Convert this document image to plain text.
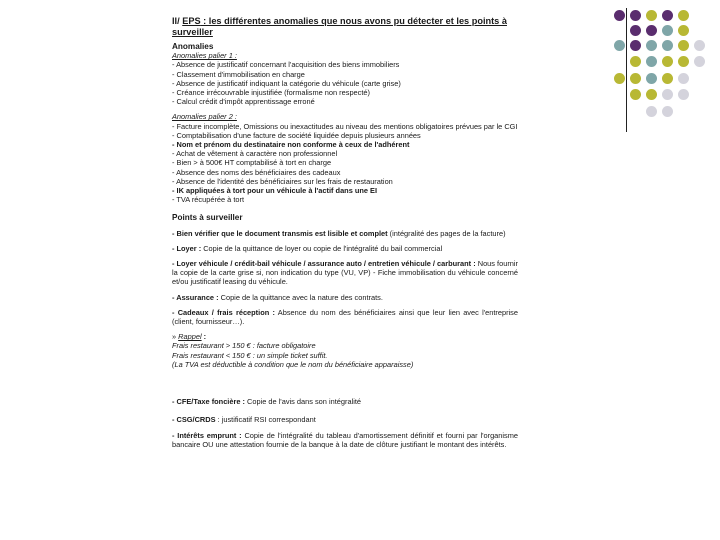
II/ EPS : les différentes anomalies que nous avons pu détecter et les points à surveiller

Anomalies

Anomalies palier 1 :

- Absence de justificatif concernant l'acquisition des biens immobiliers

- Classement d'immobilisation en charge

- Absence de justificatif indiquant la catégorie du véhicule (carte grise)

- Créance irrécouvrable injustifiée (formalisme non respecté)

- Calcul crédit d'impôt apprentissage erroné

Anomalies palier 2 :

- Facture incomplète, Omissions ou inexactitudes au niveau des mentions obligatoires prévues par le CGI

- Comptabilisation d'une facture de société liquidée depuis plusieurs années

- Nom et prénom du destinataire non conforme à ceux de l'adhérent

- Achat de vêtement à caractère non professionnel

- Bien > à 500€ HT comptabilisé à tort en charge

- Absence des noms des bénéficiaires des cadeaux

- Absence de l'identité des bénéficiaires sur les frais de restauration

- IK appliquées à tort pour un véhicule à l'actif dans une EI

- TVA récupérée à tort

Points à surveiller

- Bien vérifier que le document transmis est lisible et complet (intégralité des pages de la facture)

- Loyer : Copie de la quittance de loyer ou copie de l'intégralité du bail commercial

- Loyer véhicule / crédit-bail véhicule / assurance auto / entretien véhicule / carburant : Nous fournir la copie de la carte grise si, non indication du type (VU, VP) - Fiche immobilisation du véhicule concerné et/ou justificatif leasing du véhicule.

- Assurance : Copie de la quittance avec la nature des contrats.

- Cadeaux / frais réception : Absence du nom des bénéficiaires ainsi que leur lien avec l'entreprise (client, fournisseur…).

» Rappel :

Frais restaurant > 150 € : facture obligatoire

Frais restaurant < 150 € : un simple ticket suffit.

(La TVA est déductible à condition que le nom du bénéficiaire apparaisse)

- CFE/Taxe foncière : Copie de l'avis dans son intégralité

- CSG/CRDS : justificatif RSI correspondant

- Intérêts emprunt : Copie de l'intégralité du tableau d'amortissement définitif et fourni par l'organisme bancaire OU une attestation fournie de la banque à la date de clôture justifiant le montant des intérêts.
